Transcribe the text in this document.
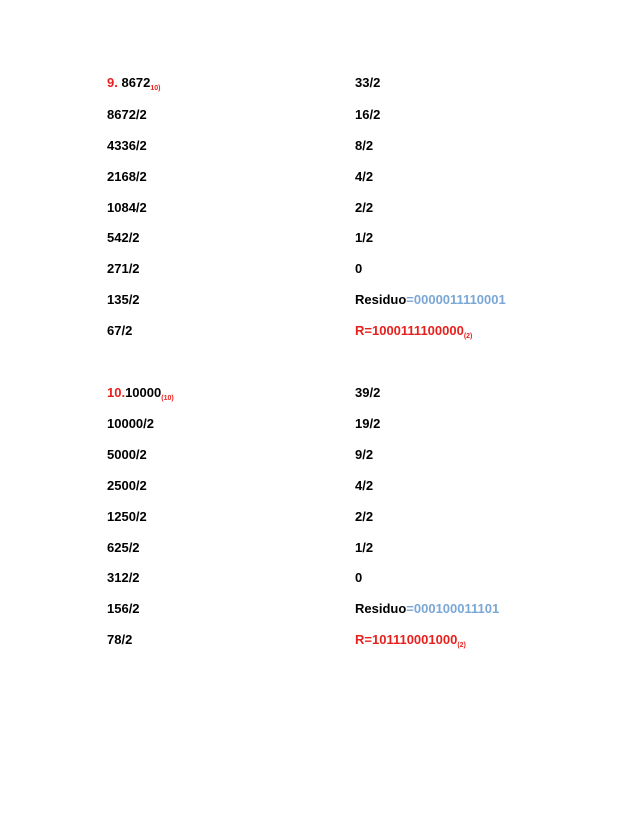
9. $8672_{10)}$
8672/2
4336/2
2168/2
1084/2
542/2
271/2
135/2
67/2
33/2
16/2
8/2
4/2
2/2
1/2
0
Residuo=0000011110001
$R=1000111100000_{(2)}$
$10.10000_{(10)}$
10000/2
5000/2
2500/2
1250/2
625/2
312/2
156/2
78/2
39/2
19/2
9/2
4/2
2/2
1/2
0
Residuo=000100011101
$R=101110001000_{(2)}$
